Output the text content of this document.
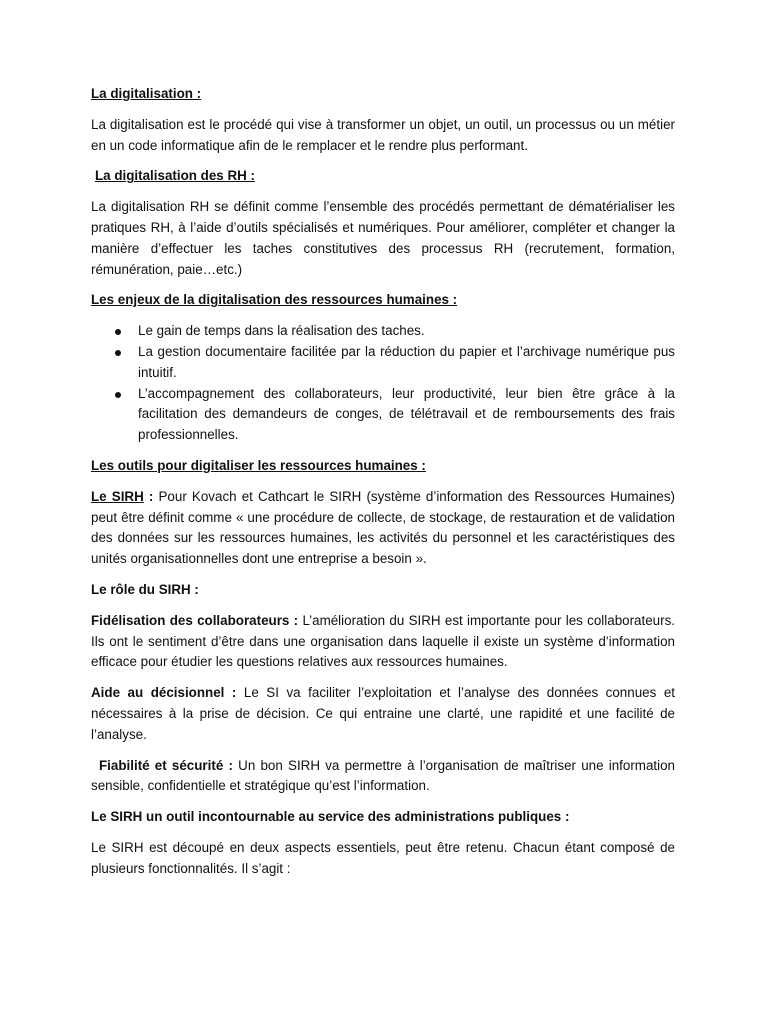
La digitalisation :

La digitalisation est le procédé qui vise à transformer un objet, un outil, un processus ou un métier en un code informatique afin de le remplacer et le rendre plus performant.

La digitalisation des RH :

La digitalisation RH se définit comme l’ensemble des procédés permettant de dématérialiser les pratiques RH, à l’aide d’outils spécialisés et numériques. Pour améliorer, compléter et changer la manière d’effectuer les taches constitutives des processus RH (recrutement, formation, rémunération, paie…etc.)

Les enjeux de la digitalisation des ressources humaines :

Le gain de temps dans la réalisation des taches.
La gestion documentaire facilitée par la réduction du papier et l’archivage numérique pus intuitif.
L’accompagnement des collaborateurs, leur productivité, leur bien être grâce à la facilitation des demandeurs de conges, de télétravail et de remboursements des frais professionnelles.

Les outils pour digitaliser les ressources humaines :

Le SIRH : Pour Kovach et Cathcart le SIRH (système d’information des Ressources Humaines) peut être définit comme « une procédure de collecte, de stockage, de restauration et de validation des données sur les ressources humaines, les activités du personnel et les caractéristiques des unités organisationnelles dont une entreprise a besoin ».

Le rôle du SIRH :

Fidélisation des collaborateurs : L’amélioration du SIRH est importante pour les collaborateurs. Ils ont le sentiment d’être dans une organisation dans laquelle il existe un système d’information efficace pour étudier les questions relatives aux ressources humaines.

Aide au décisionnel : Le SI va faciliter l’exploitation et l’analyse des données connues et nécessaires à la prise de décision. Ce qui entraine une clarté, une rapidité et une facilité de l’analyse.

Fiabilité et sécurité : Un bon SIRH va permettre à l’organisation de maîtriser une information sensible, confidentielle et stratégique qu’est l’information.

Le SIRH un outil incontournable au service des administrations publiques :

Le SIRH est découpé en deux aspects essentiels, peut être retenu. Chacun étant composé de plusieurs fonctionnalités. Il s’agit :
